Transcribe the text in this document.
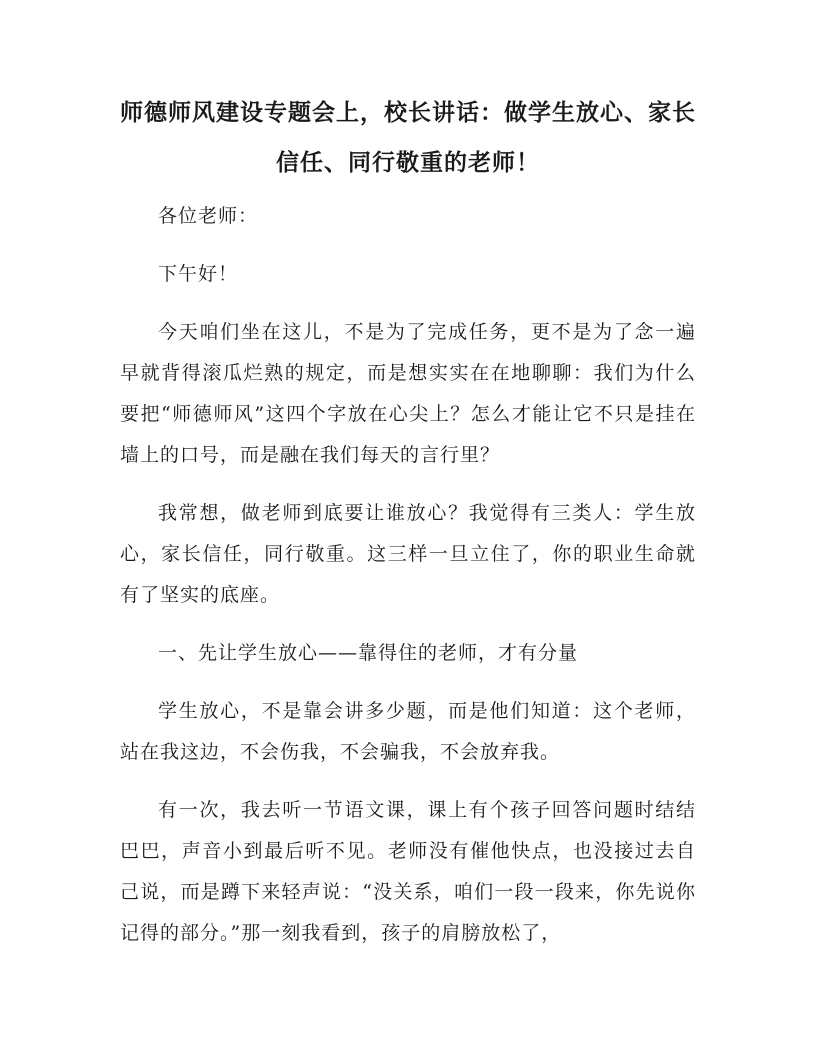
师德师风建设专题会上，校长讲话：做学生放心、家长信任、同行敬重的老师！

各位老师：

下午好！

今天咱们坐在这儿，不是为了完成任务，更不是为了念一遍早就背得滚瓜烂熟的规定，而是想实实在在地聊聊：我们为什么要把“师德师风”这四个字放在心尖上？怎么才能让它不只是挂在墙上的口号，而是融在我们每天的言行里？

我常想，做老师到底要让谁放心？我觉得有三类人：学生放心，家长信任，同行敬重。这三样一旦立住了，你的职业生命就有了坚实的底座。

一、先让学生放心——靠得住的老师，才有分量

学生放心，不是靠会讲多少题，而是他们知道：这个老师，站在我这边，不会伤我，不会骗我，不会放弃我。

有一次，我去听一节语文课，课上有个孩子回答问题时结结巴巴，声音小到最后听不见。老师没有催他快点，也没接过去自己说，而是蹲下来轻声说：“没关系，咱们一段一段来，你先说你记得的部分。”那一刻我看到，孩子的肩膀放松了，
